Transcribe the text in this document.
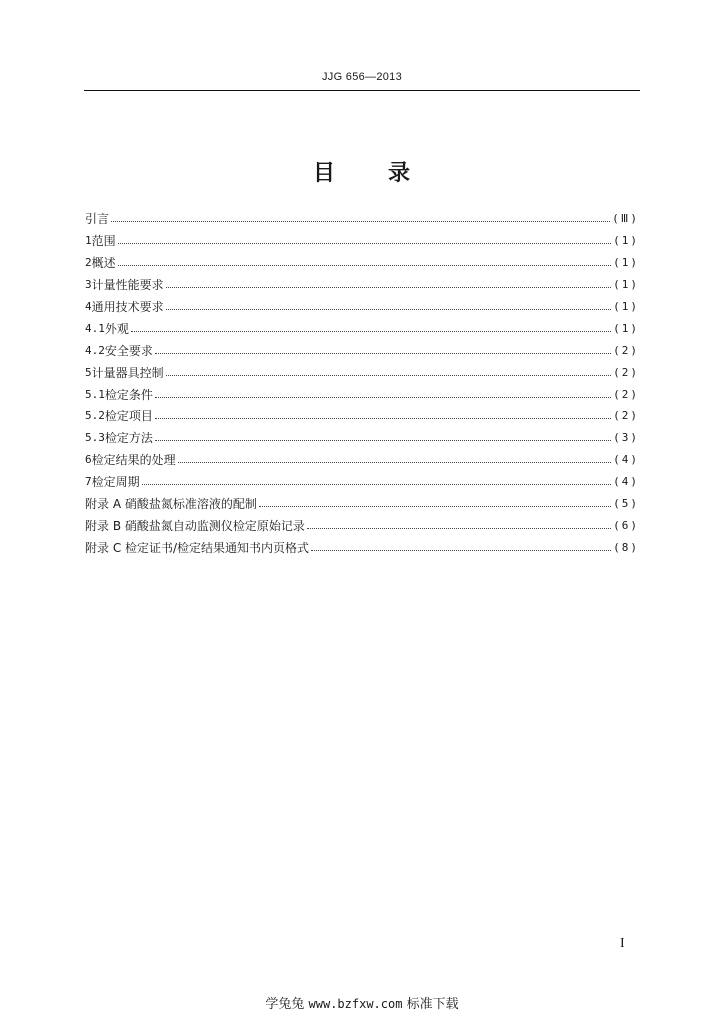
JJG 656—2013
目 录
引言	(Ⅲ)
1 范围	(1)
2 概述	(1)
3 计量性能要求	(1)
4 通用技术要求	(1)
4.1 外观	(1)
4.2 安全要求	(2)
5 计量器具控制	(2)
5.1 检定条件	(2)
5.2 检定项目	(2)
5.3 检定方法	(3)
6 检定结果的处理	(4)
7 检定周期	(4)
附录 A 硝酸盐氮标准溶液的配制	(5)
附录 B 硝酸盐氮自动监测仪检定原始记录	(6)
附录 C 检定证书/检定结果通知书内页格式	(8)
I
学兔兔 www.bzfxw.com 标准下载
